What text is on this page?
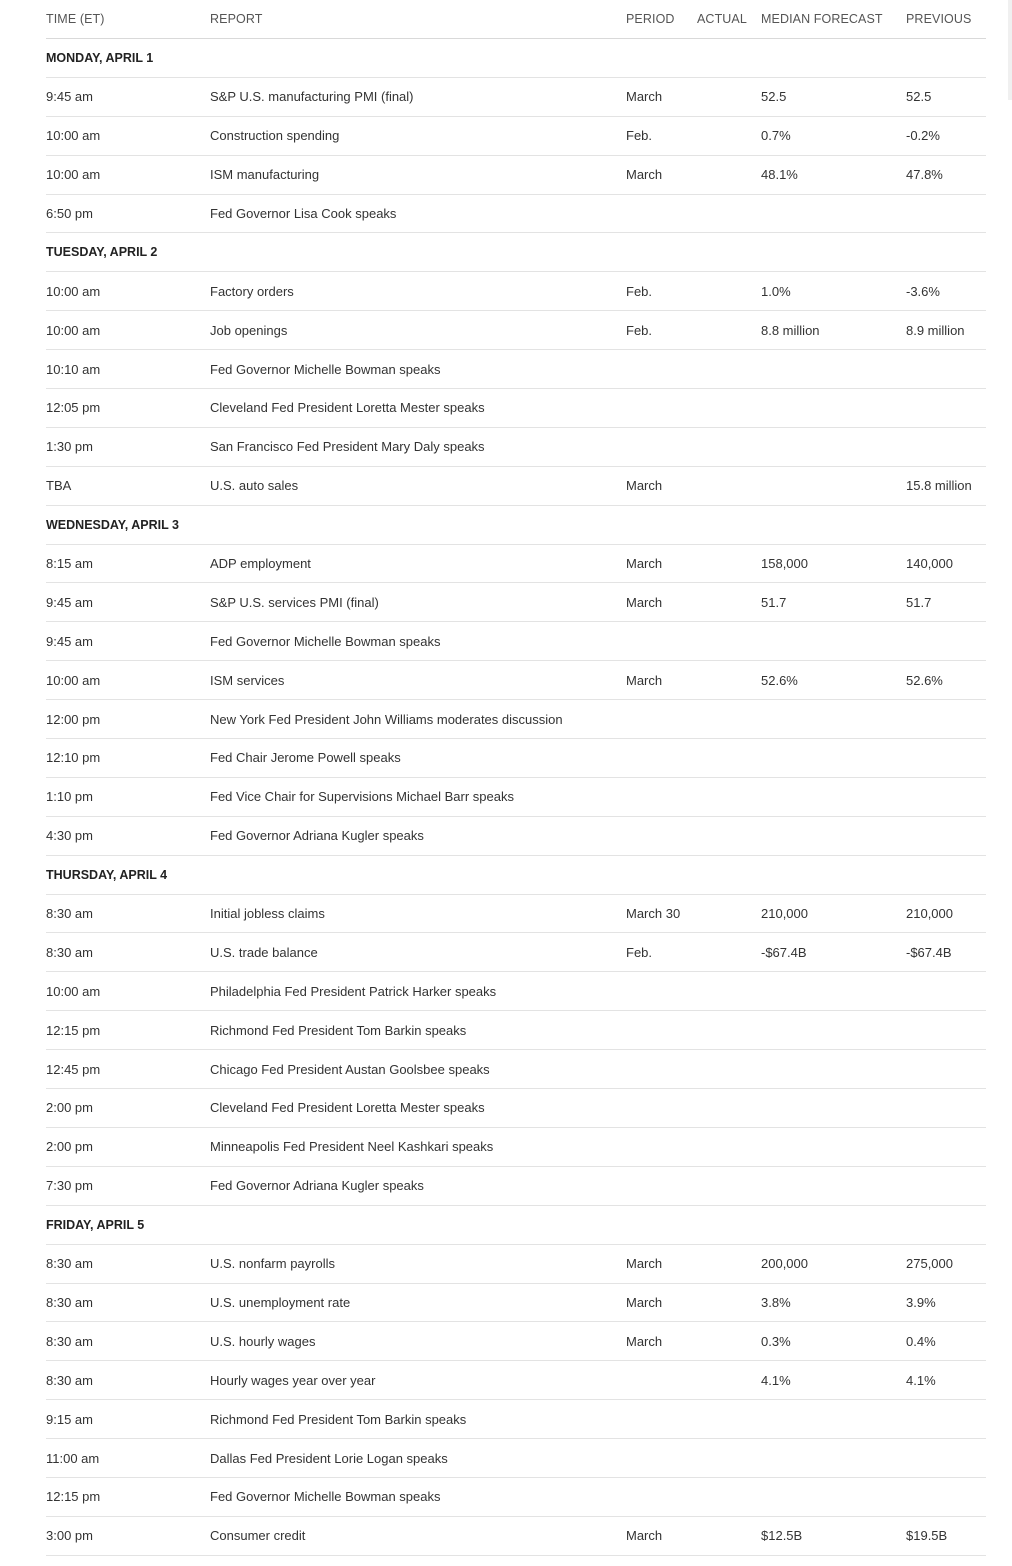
TIME (ET)	REPORT	PERIOD	ACTUAL	MEDIAN FORECAST	PREVIOUS
MONDAY, APRIL 1					
9:45 am	S&P U.S. manufacturing PMI (final)	March		52.5	52.5
10:00 am	Construction spending	Feb.		0.7%	-0.2%
10:00 am	ISM manufacturing	March		48.1%	47.8%
6:50 pm	Fed Governor Lisa Cook speaks				
TUESDAY, APRIL 2					
10:00 am	Factory orders	Feb.		1.0%	-3.6%
10:00 am	Job openings	Feb.		8.8 million	8.9 million
10:10 am	Fed Governor Michelle Bowman speaks				
12:05 pm	Cleveland Fed President Loretta Mester speaks				
1:30 pm	San Francisco Fed President Mary Daly speaks				
TBA	U.S. auto sales	March			15.8 million
WEDNESDAY, APRIL 3					
8:15 am	ADP employment	March		158,000	140,000
9:45 am	S&P U.S. services PMI (final)	March		51.7	51.7
9:45 am	Fed Governor Michelle Bowman speaks				
10:00 am	ISM services	March		52.6%	52.6%
12:00 pm	New York Fed President John Williams moderates discussion				
12:10 pm	Fed Chair Jerome Powell speaks				
1:10 pm	Fed Vice Chair for Supervisions Michael Barr speaks				
4:30 pm	Fed Governor Adriana Kugler speaks				
THURSDAY, APRIL 4					
8:30 am	Initial jobless claims	March 30		210,000	210,000
8:30 am	U.S. trade balance	Feb.		-$67.4B	-$67.4B
10:00 am	Philadelphia Fed President Patrick Harker speaks				
12:15 pm	Richmond Fed President Tom Barkin speaks				
12:45 pm	Chicago Fed President Austan Goolsbee speaks				
2:00 pm	Cleveland Fed President Loretta Mester speaks				
2:00 pm	Minneapolis Fed President Neel Kashkari speaks				
7:30 pm	Fed Governor Adriana Kugler speaks				
FRIDAY, APRIL 5					
8:30 am	U.S. nonfarm payrolls	March		200,000	275,000
8:30 am	U.S. unemployment rate	March		3.8%	3.9%
8:30 am	U.S. hourly wages	March		0.3%	0.4%
8:30 am	Hourly wages year over year			4.1%	4.1%
9:15 am	Richmond Fed President Tom Barkin speaks				
11:00 am	Dallas Fed President Lorie Logan speaks				
12:15 pm	Fed Governor Michelle Bowman speaks				
3:00 pm	Consumer credit	March		$12.5B	$19.5B
